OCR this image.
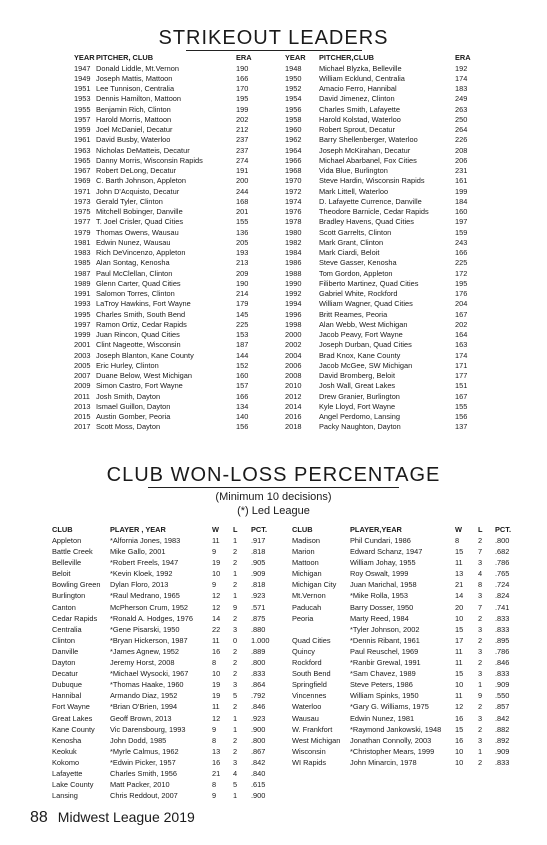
STRIKEOUT LEADERS
YEAR PITCHER, CLUB	ERA	YEAR PITCHER,CLUB	ERA
1947 Donald Liddle, Mt.Vernon	190	1948 Michael Blyzka, Belleville	192
1949 Joseph Mattis, Mattoon	166	1950 William Ecklund, Centralia	174
1951 Lee Tunnison, Centralia	170	1952 Amacio Ferro, Hannibal	183
1953 Dennis Hamilton, Mattoon	195	1954 David Jimenez, Clinton	249
1955 Benjamin Rich, Clinton	199	1956 Charles Smith, Lafayette	263
1957 Harold Morris, Mattoon	202	1958 Harold Kolstad, Waterloo	250
1959 Joel McDaniel, Decatur	212	1960 Robert Sprout, Decatur	264
1961 David Busby, Waterloo	237	1962 Barry Shellenberger, Waterloo	226
1963 Nicholas DeMatteis, Decatur	237	1964 Joseph McKirahan, Decatur	208
1965 Danny Morris, Wisconsin Rapids	274	1966 Michael Abarbanel, Fox Cities	206
1967 Robert DeLong, Decatur	191	1968 Vida Blue, Burlington	231
1969 C. Barth Johnson, Appleton	200	1970 Steve Hardin, Wisconsin Rapids	161
1971 John D'Acquisto, Decatur	244	1972 Mark Littell, Waterloo	199
1973 Gerald Tyler, Clinton	168	1974 D. Lafayette Currence, Danville	184
1975 Mitchell Bobinger, Danville	201	1976 Theodore Barnicle, Cedar Rapids	160
1977 T. Joel Crisler, Quad Cities	155	1978 Bradley Havens, Quad Cities	197
1979 Thomas Owens, Wausau	136	1980 Scott Garrelts, Clinton	159
1981 Edwin Nunez, Wausau	205	1982 Mark Grant, Clinton	243
1983 Rich DeVincenzo, Appleton	193	1984 Mark Ciardi, Beloit	166
1985 Alan Sontag, Kenosha	213	1986 Steve Gasser, Kenosha	225
1987 Paul McClellan, Clinton	209	1988 Tom Gordon, Appleton	172
1989 Glenn Carter, Quad Cities	190	1990 Filiberto Martinez, Quad Cities	195
1991 Salomon Torres, Clinton	214	1992 Gabriel White, Rockford	176
1993 LaTroy Hawkins, Fort Wayne	179	1994 William Wagner, Quad Cities	204
1995 Charles Smith, South Bend	145	1996 Britt Reames, Peoria	167
1997 Ramon Ortiz, Cedar Rapids	225	1998 Alan Webb, West Michigan	202
1999 Juan Rincon, Quad Cities	153	2000 Jacob Peavy, Fort Wayne	164
2001 Clint Nageotte, Wisconsin	187	2002 Joseph Durban, Quad Cities	163
2003 Joseph Blanton, Kane County	144	2004 Brad Knox, Kane County	174
2005 Eric Hurley, Clinton	152	2006 Jacob McGee, SW Michigan	171
2007 Duane Below, West Michigan	160	2008 David Bromberg, Beloit	177
2009 Simon Castro, Fort Wayne	157	2010 Josh Wall, Great Lakes	151
2011 Josh Smith, Dayton	166	2012 Drew Granier, Burlington	167
2013 Ismael Guillon, Dayton	134	2014 Kyle Lloyd, Fort Wayne	155
2015 Austin Gomber, Peoria	140	2016 Angel Perdomo, Lansing	156
2017 Scott Moss, Dayton	156	2018 Packy Naughton, Dayton	137
CLUB WON-LOSS PERCENTAGE
(Minimum 10 decisions)
(*) Led League
CLUB	PLAYER , YEAR	W L PCT.
Appleton	*Alfornia Jones, 1983	11 1 .917
Battle Creek Mike Gallo, 2001	9 2 .818
Belleville	*Robert Freels, 1947	19 2 .905
Beloit	*Kevin Kloek, 1992	10 1 .909
Bowling Green Dylan Floro, 2013	9 2 .818
Burlington	*Raul Medrano, 1965	12 1 .923
Canton	McPherson Crum, 1952	12 9 .571
Cedar Rapids *Ronald A. Hodges, 1976	14 2 .875
Centralia	*Gene Pisarski, 1950	22 3 .880
Clinton	*Bryan Hickerson, 1987	11 0 1.000
Danville	*James Agnew, 1952	16 2 .889
Dayton	Jeremy Horst, 2008	8 2 .800
Decatur	*Michael Wysocki, 1967	10 2 .833
Dubuque	*Thomas Haake, 1960	19 3 .864
Hannibal	Armando Diaz, 1952	19 5 .792
Fort Wayne	*Brian O'Brien, 1994	11 2 .846
Great Lakes Geoff Brown, 2013	12 1 .923
Kane County Vic Darensbourg, 1993	9 1 .900
Kenosha	John Dodd, 1985	8 2 .800
Keokuk	*Myrle Calmus, 1962	13 2 .867
Kokomo	*Edwin Picker, 1957	16 3 .842
Lafayette	Charles Smith, 1956	21 4 .840
Lake County Matt Packer, 2010	8 5 .615
Lansing	Chris Reddout, 2007	9 1 .900
CLUB	PLAYER,YEAR	W L PCT.
Madison	Phil Cundari, 1986	8	2 .800
Marion	Edward Schanz, 1947	15 7 .682
Mattoon	William Johay, 1955	11 3 .786
Michigan	Roy Oswalt, 1999	13 4 .765
Michigan City Juan Marichal, 1958	21 8 .724
Mt.Vernon	*Mike Rolla, 1953	14 3 .824
Paducah	Barry Dosser, 1950	20 7 .741
Peoria	Marty Reed, 1984	10 2 .833
*Tyler Johnson, 2002	15 3 .833
Quad Cities	*Dennis Ribant, 1961	17 2 .895
Quincy	Paul Reuschel, 1969	11 3 .786
Rockford	*Ranbir Grewal, 1991	11 2 .846
South Bend	*Sam Chavez, 1989	15 3 .833
Springfield	Steve Peters, 1986	10 1 .909
Vincennes	William Spinks, 1950	11 9 .550
Waterloo	*Gary G. Williams, 1975	12 2 .857
Wausau	Edwin Nunez, 1981	16 3 .842
W. Frankfort *Raymond Jankowski, 1948 15 2 .882
West Michigan Jonathan Connolly, 2003	16 3 .892
Wisconsin	*Christopher Mears, 1999	10 1 .909
WI Rapids	John Minarcin, 1978	10 2 .833
88 Midwest League 2019
